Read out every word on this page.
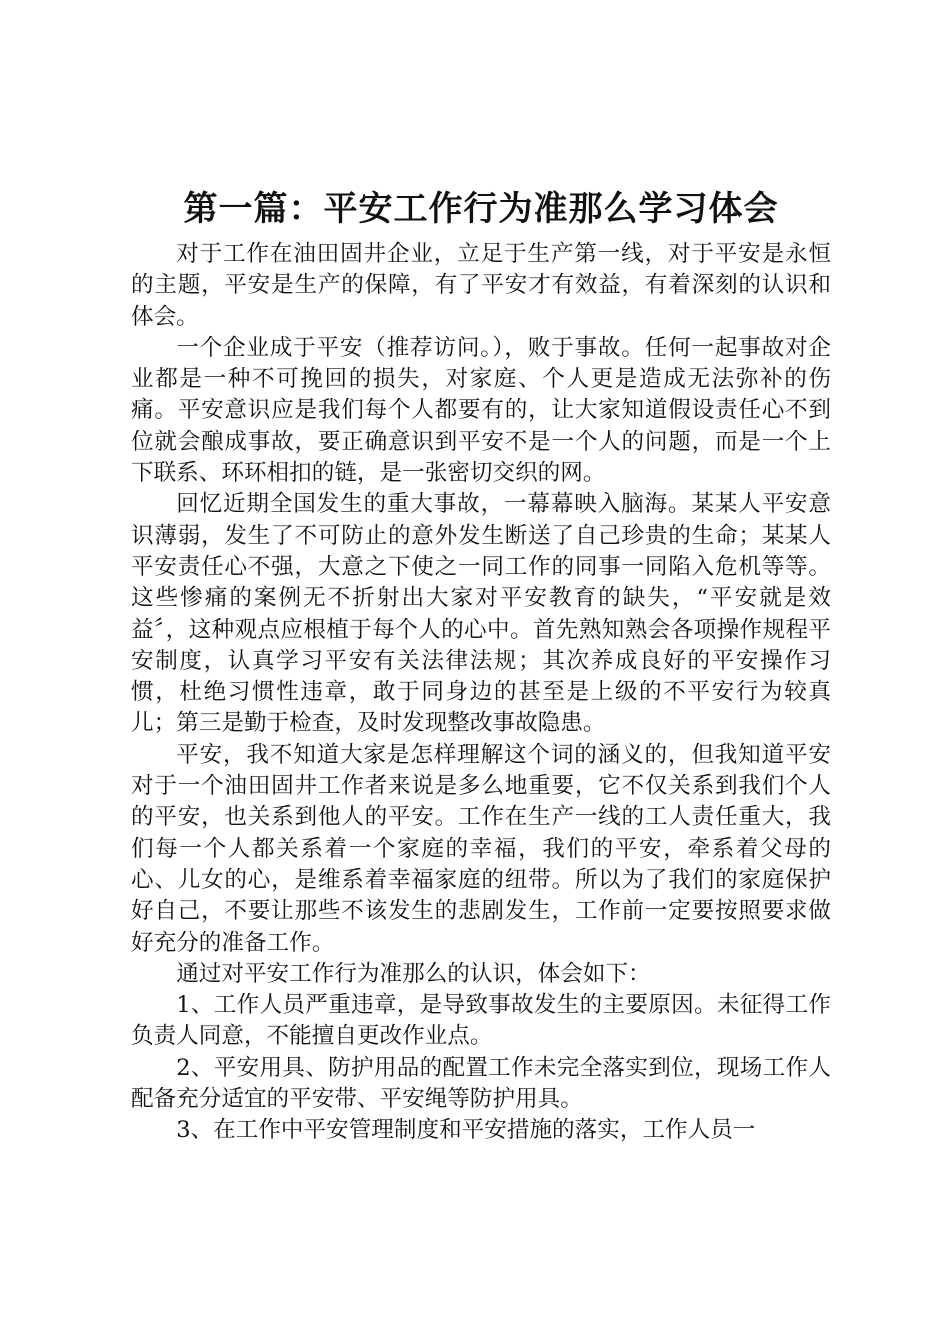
第一篇：平安工作行为准那么学习体会

对于工作在油田固井企业，立足于生产第一线，对于平安是永恒的主题，平安是生产的保障，有了平安才有效益，有着深刻的认识和体会。

一个企业成于平安（推荐访问。），败于事故。任何一起事故对企业都是一种不可挽回的损失，对家庭、个人更是造成无法弥补的伤痛。平安意识应是我们每个人都要有的，让大家知道假设责任心不到位就会酿成事故，要正确意识到平安不是一个人的问题，而是一个上下联系、环环相扣的链，是一张密切交织的网。

回忆近期全国发生的重大事故，一幕幕映入脑海。某某人平安意识薄弱，发生了不可防止的意外发生断送了自己珍贵的生命；某某人平安责任心不强，大意之下使之一同工作的同事一同陷入危机等等。这些惨痛的案例无不折射出大家对平安教育的缺失，“平安就是效益〞，这种观点应根植于每个人的心中。首先熟知熟会各项操作规程平安制度，认真学习平安有关法律法规；其次养成良好的平安操作习惯，杜绝习惯性违章，敢于同身边的甚至是上级的不平安行为较真儿；第三是勤于检查，及时发现整改事故隐患。

平安，我不知道大家是怎样理解这个词的涵义的，但我知道平安对于一个油田固井工作者来说是多么地重要，它不仅关系到我们个人的平安，也关系到他人的平安。工作在生产一线的工人责任重大，我们每一个人都关系着一个家庭的幸福，我们的平安，牵系着父母的心、儿女的心，是维系着幸福家庭的纽带。所以为了我们的家庭保护好自己，不要让那些不该发生的悲剧发生，工作前一定要按照要求做好充分的准备工作。

通过对平安工作行为准那么的认识，体会如下：

1、工作人员严重违章，是导致事故发生的主要原因。未征得工作负责人同意，不能擅自更改作业点。

2、平安用具、防护用品的配置工作未完全落实到位，现场工作人配备充分适宜的平安带、平安绳等防护用具。

3、在工作中平安管理制度和平安措施的落实，工作人员一
